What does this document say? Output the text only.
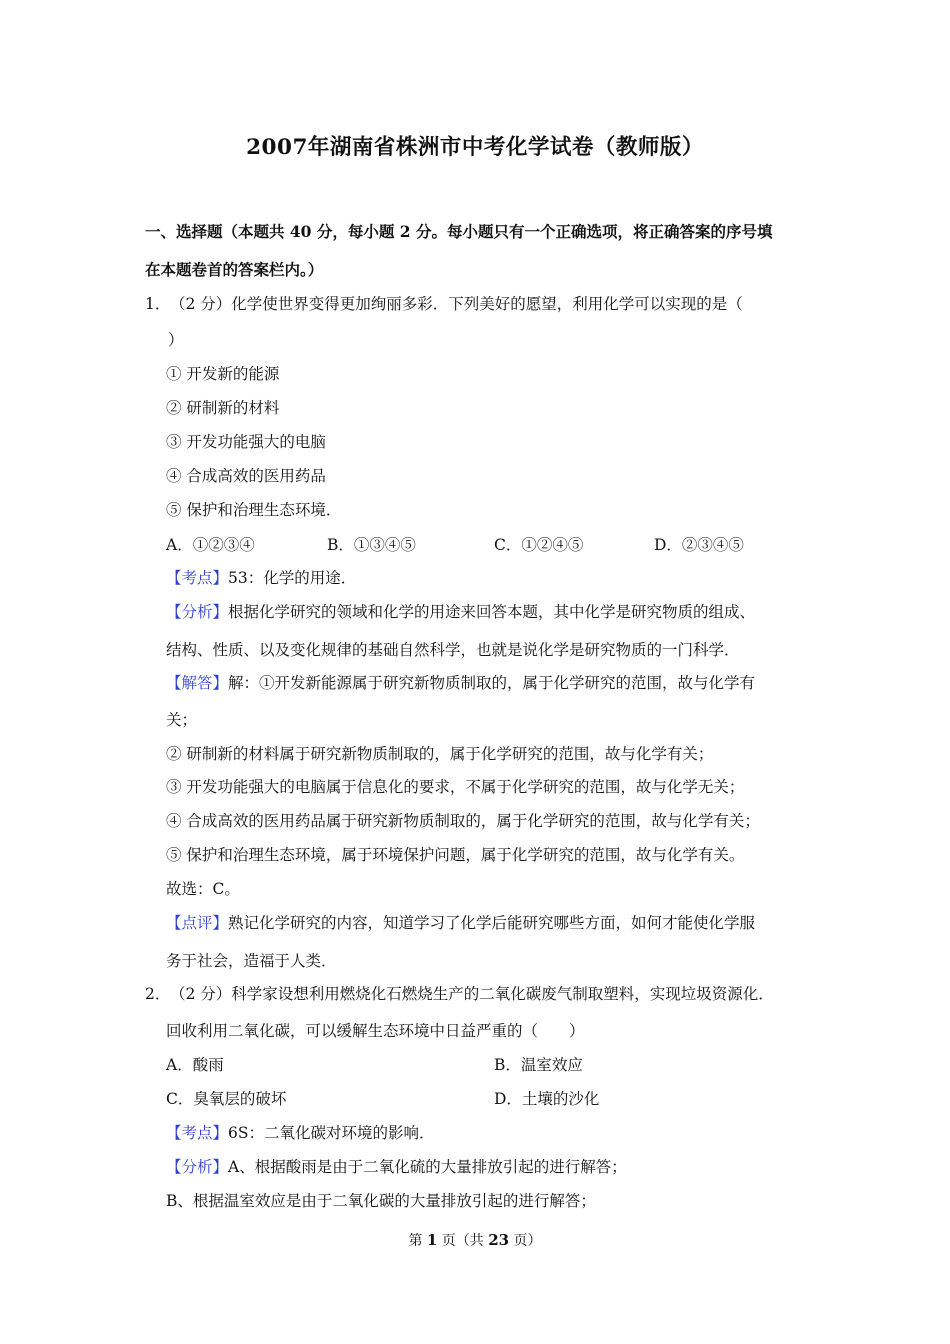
2007年湖南省株洲市中考化学试卷（教师版）
一、选择题（本题共 40 分，每小题 2 分。每小题只有一个正确选项，将正确答案的序号填
在本题卷首的答案栏内。）
1． （2 分）化学使世界变得更加绚丽多彩．下列美好的愿望，利用化学可以实现的是（
）
① 开发新的能源
② 研制新的材料
③ 开发功能强大的电脑
④ 合成高效的医用药品
⑤ 保护和治理生态环境．
A．①②③④	B．①③④⑤	C．①②④⑤	D．②③④⑤
【考点】53：化学的用途．
【分析】根据化学研究的领域和化学的用途来回答本题，其中化学是研究物质的组成、
结构、性质、以及变化规律的基础自然科学，也就是说化学是研究物质的一门科学．
【解答】解：①开发新能源属于研究新物质制取的，属于化学研究的范围，故与化学有
关；
② 研制新的材料属于研究新物质制取的，属于化学研究的范围，故与化学有关；
③ 开发功能强大的电脑属于信息化的要求，不属于化学研究的范围，故与化学无关；
④ 合成高效的医用药品属于研究新物质制取的，属于化学研究的范围，故与化学有关；
⑤ 保护和治理生态环境，属于环境保护问题，属于化学研究的范围，故与化学有关。
故选：C。
【点评】熟记化学研究的内容，知道学习了化学后能研究哪些方面，如何才能使化学服
务于社会，造福于人类．
2． （2 分）科学家设想利用燃烧化石燃烧生产的二氧化碳废气制取塑料，实现垃圾资源化．
回收利用二氧化碳，可以缓解生态环境中日益严重的（　　）
A．酸雨	B．温室效应
C．臭氧层的破坏	D．土壤的沙化
【考点】6S：二氧化碳对环境的影响．
【分析】A、根据酸雨是由于二氧化硫的大量排放引起的进行解答；
B、根据温室效应是由于二氧化碳的大量排放引起的进行解答；
第 1 页（共 23 页）
